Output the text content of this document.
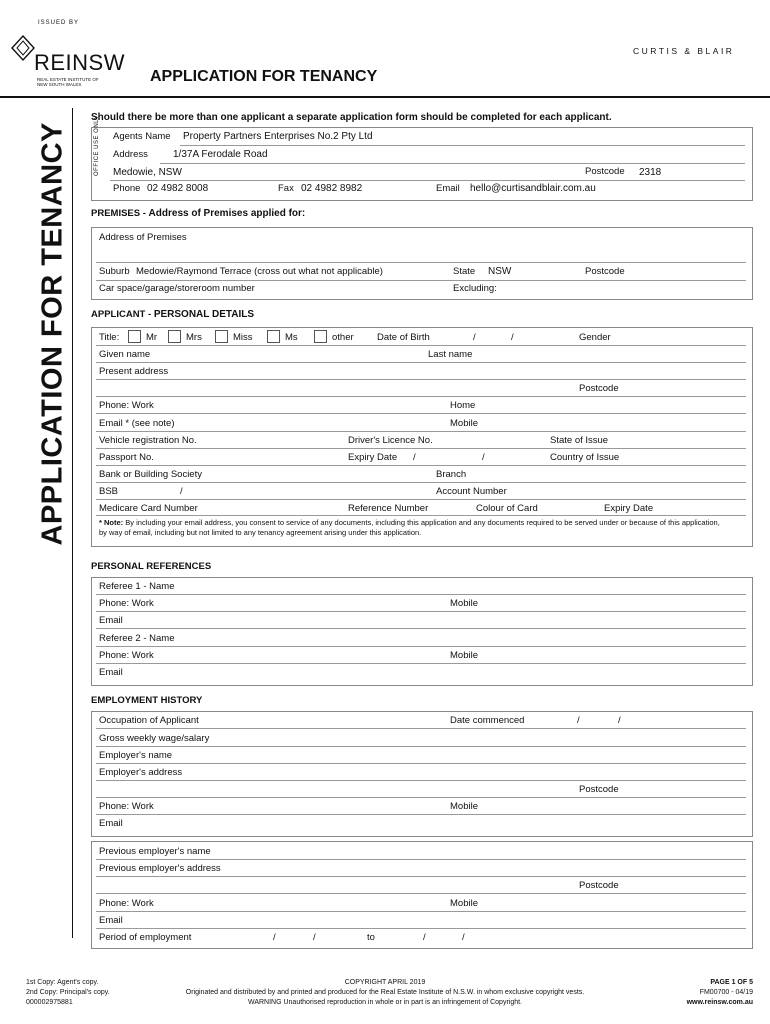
ISSUED BY
REINSW
REAL ESTATE INSTITUTE OF NEW SOUTH WALES	APPLICATION FOR TENANCY
CURTIS & BLAIR
APPLICATION FOR TENANCY
Should there be more than one applicant a separate application form should be completed for each applicant.
OFFICE USE ONLY Agents Name Property Partners Enterprises No.2 Pty Ltd
Address	1/37A Ferodale Road
Medowie, NSW	Postcode 2318
Phone 02 4982 8008	Fax 02 4982 8982	Email hello@curtisandblair.com.au
PREMISES - Address of Premises applied for:
Address of Premises
Suburb Medowie/Raymond Terrace (cross out what not applicable)	State NSW	Postcode
Car space/garage/storeroom number	Excluding:
APPLICANT - PERSONAL DETAILS
Title:	Mr	Mrs	Miss	Ms	other Date of Birth	/	/	Gender
Given name	Last name
Present address
Postcode
Phone: Work	Home
Email * (see note)	Mobile
Vehicle registration No.	Driver's Licence No.	State of Issue
Passport No.	Expiry Date /	/	Country of Issue
Bank or Building Society	Branch
BSB	/	Account Number
Medicare Card Number	Reference Number	Colour of Card	Expiry Date
* Note: By including your email address, you consent to service of any documents, including this application and any documents required to be served under or because of this application, by way of email, including but not limited to any tenancy agreement arising under this application.
PERSONAL REFERENCES
Referee 1 - Name
Phone: Work	Mobile
Email
Referee 2 - Name
Phone: Work	Mobile
Email
EMPLOYMENT HISTORY
Occupation of Applicant	Date commenced	/	/
Gross weekly wage/salary
Employer's name
Employer's address
Postcode
Phone: Work	Mobile
Email
Previous employer's name
Previous employer's address
Postcode
Phone: Work	Mobile
Email
Period of employment	/	/	to	/	/
1st Copy: Agent's copy.
2nd Copy: Principal's copy.
000002975881
COPYRIGHT APRIL 2019
Originated and distributed by and printed and produced for the Real Estate Institute of N.S.W. in whom exclusive copyright vests.
WARNING Unauthorised reproduction in whole or in part is an infringement of Copyright.
PAGE 1 OF 5
FM00700 - 04/19
www.reinsw.com.au
